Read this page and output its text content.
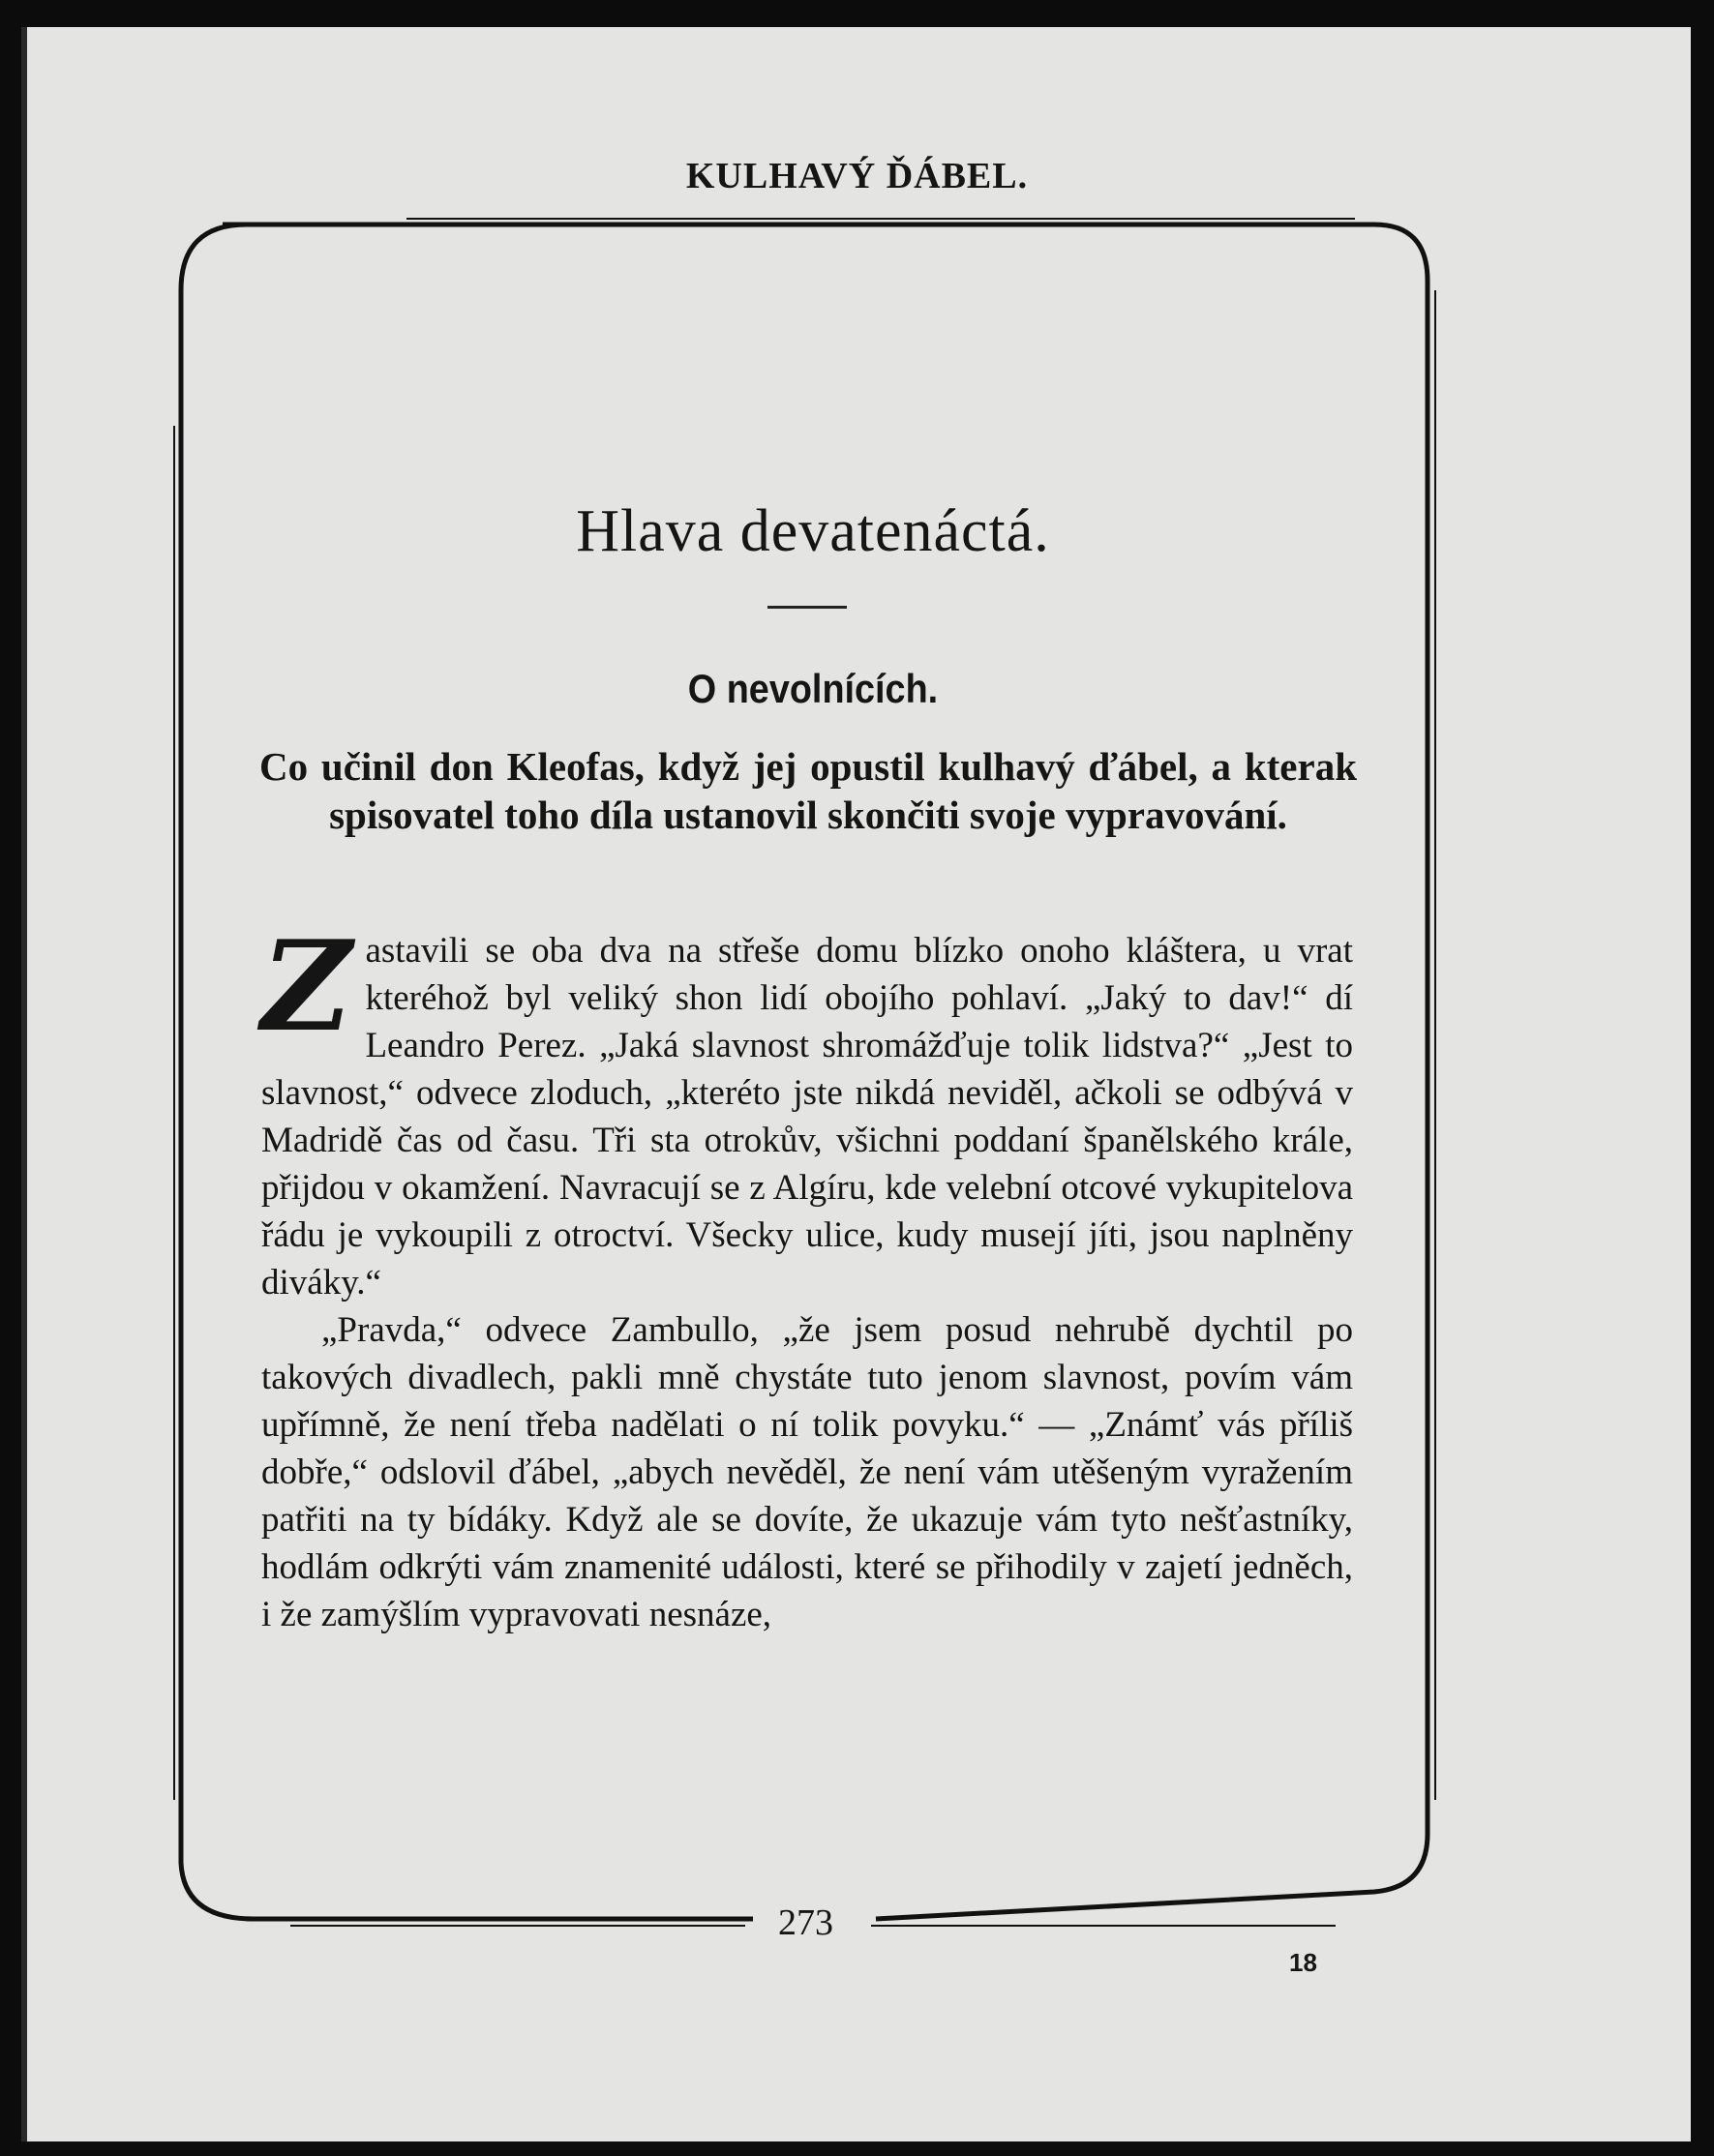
KULHAVÝ ĎÁBEL.
Hlava devatenáctá.
O nevolnících.
Co učinil don Kleofas, když jej opustil kulhavý ďábel, a kterak spisovatel toho díla ustanovil skončiti svoje vypravování.

Zastavili se oba dva na střeše domu blízko onoho kláštera, u vrat kteréhož byl veliký shon lidí obojího pohlaví. „Jaký to dav!“ dí Leandro Perez. „Jaká slavnost shromážďuje tolik lidstva?“ „Jest to slavnost,“ odvece zloduch, „kteréto jste nikdá neviděl, ačkoli se odbývá v Madridě čas od času. Tři sta otrokův, všichni poddaní španělského krále, přijdou v okamžení. Navracují se z Algíru, kde velební otcové vykupitelova řádu je vykoupili z otroctví. Všecky ulice, kudy musejí jíti, jsou naplněny diváky.“

„Pravda,“ odvece Zambullo, „že jsem posud nehrubě dychtil po takových divadlech, pakli mně chystáte tuto jenom slavnost, povím vám upřímně, že není třeba nadělati o ní tolik povyku.“ — „Známť vás příliš dobře,“ odslovil ďábel, „abych nevěděl, že není vám utěšeným vyražením patřiti na ty bídáky. Když ale se dovíte, že ukazuje vám tyto nešťastníky, hodlám odkrýti vám znamenité události, které se přihodily v zajetí jedněch, i že zamýšlím vypravovati nesnáze,

273
18
